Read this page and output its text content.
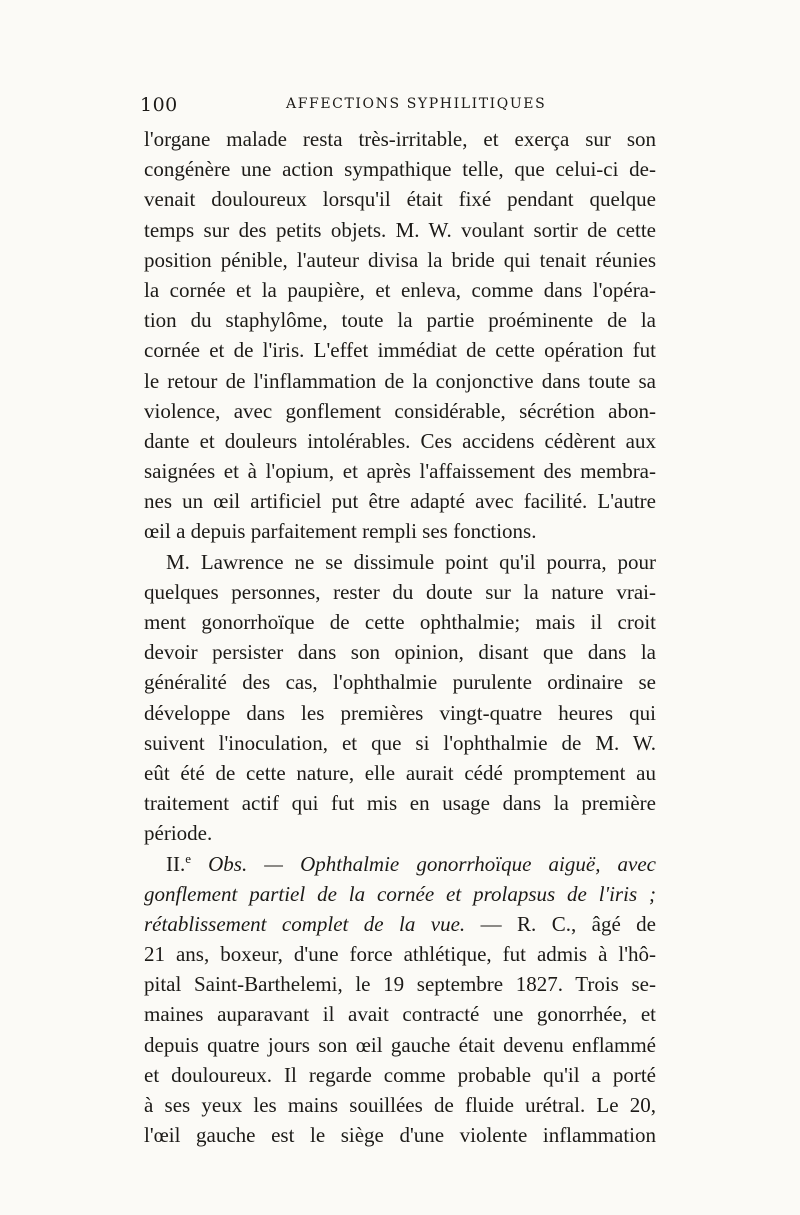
100	AFFECTIONS SYPHILITIQUES
l'organe malade resta très-irritable, et exerça sur son
congénère une action sympathique telle, que celui-ci de-
venait douloureux lorsqu'il était fixé pendant quelque
temps sur des petits objets. M. W. voulant sortir de cette
position pénible, l'auteur divisa la bride qui tenait réunies
la cornée et la paupière, et enleva, comme dans l'opéra-
tion du staphylôme, toute la partie proéminente de la
cornée et de l'iris. L'effet immédiat de cette opération fut
le retour de l'inflammation de la conjonctive dans toute sa
violence, avec gonflement considérable, sécrétion abon-
dante et douleurs intolérables. Ces accidens cédèrent aux
saignées et à l'opium, et après l'affaissement des membra-
nes un œil artificiel put être adapté avec facilité. L'autre
œil a depuis parfaitement rempli ses fonctions.
M. Lawrence ne se dissimule point qu'il pourra, pour
quelques personnes, rester du doute sur la nature vrai-
ment gonorrhoïque de cette ophthalmie; mais il croit
devoir persister dans son opinion, disant que dans la
généralité des cas, l'ophthalmie purulente ordinaire se
développe dans les premières vingt-quatre heures qui
suivent l'inoculation, et que si l'ophthalmie de M. W.
eût été de cette nature, elle aurait cédé promptement au
traitement actif qui fut mis en usage dans la première
période.
II.$^e$ Obs. — Ophthalmie gonorrhoïque aiguë, avec
gonflement partiel de la cornée et prolapsus de l'iris ;
rétablissement complet de la vue. — R. C., âgé de
21 ans, boxeur, d'une force athlétique, fut admis à l'hô-
pital Saint-Barthelemi, le 19 septembre 1827. Trois se-
maines auparavant il avait contracté une gonorrhée, et
depuis quatre jours son œil gauche était devenu enflammé
et douloureux. Il regarde comme probable qu'il a porté
à ses yeux les mains souillées de fluide urétral. Le 20,
l'œil gauche est le siège d'une violente inflammation
